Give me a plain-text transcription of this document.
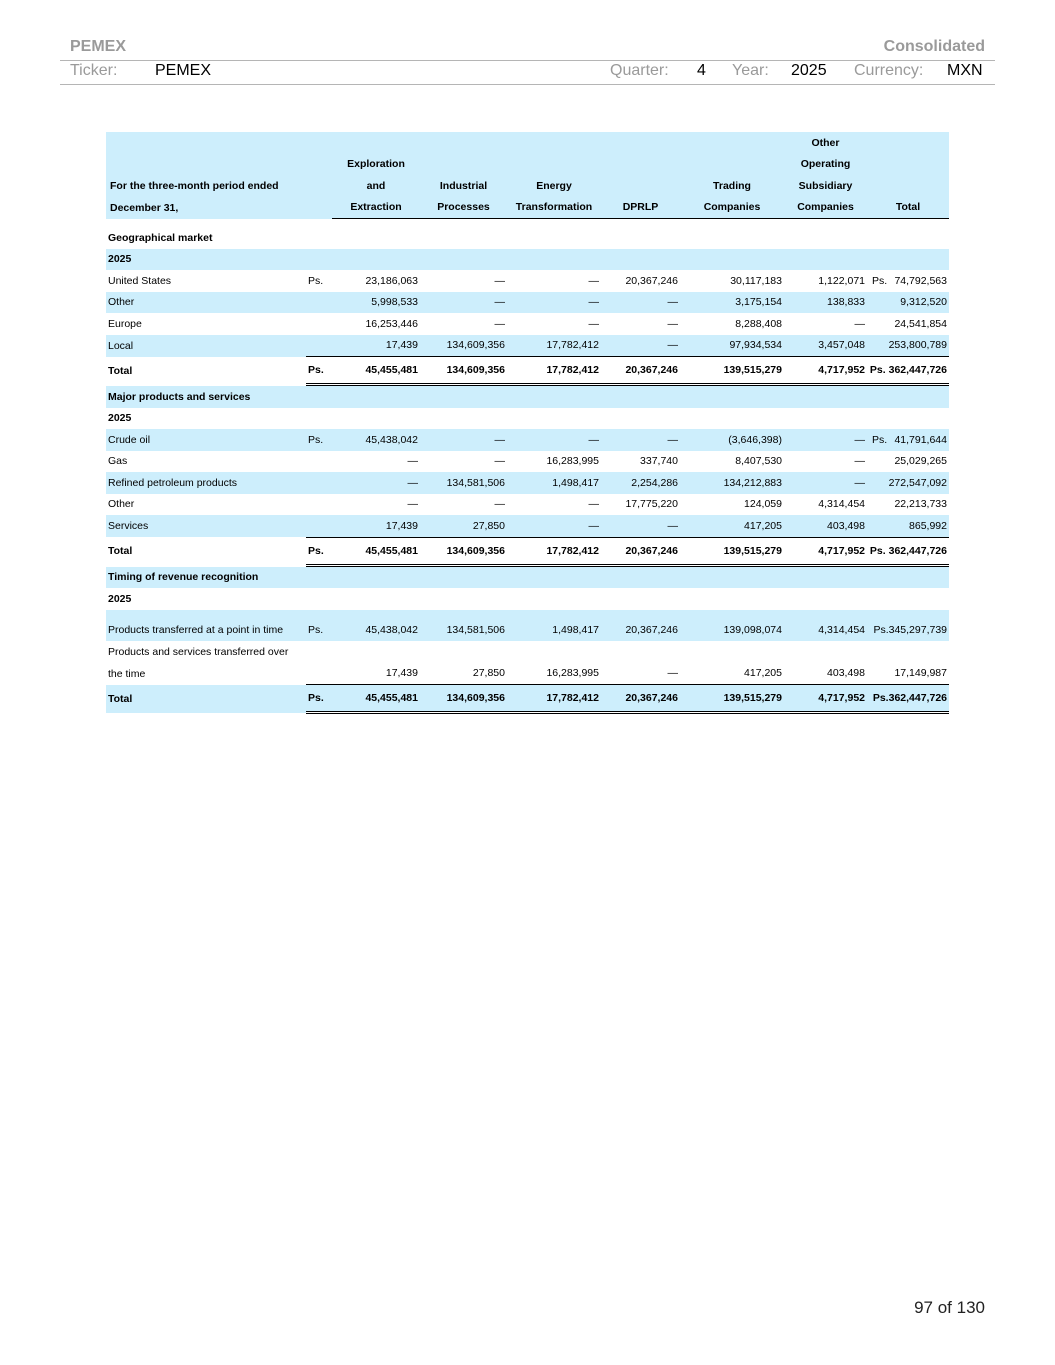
PEMEX	Consolidated
Ticker: PEMEX	Quarter: 4 Year: 2025 Currency: MXN
							Other	
		Exploration					Operating	
For the three-month period ended		and	Industrial	Energy		Trading	Subsidiary	
December 31,		Extraction	Processes	Transformation	DPRLP	Companies	Companies	Total

Geographical market								
2025								
United States	Ps.	23,186,063	—	—	20,367,246	30,117,183	1,122,071	Ps. 74,792,563
Other		5,998,533	—	—	—	3,175,154	138,833	9,312,520
Europe		16,253,446	—	—	—	8,288,408	—	24,541,854
Local		17,439	134,609,356	17,782,412	—	97,934,534	3,457,048	253,800,789
Total	Ps.	45,455,481	134,609,356	17,782,412	20,367,246	139,515,279	4,717,952	Ps. 362,447,726
Major products and services								
2025								
Crude oil	Ps.	45,438,042	—	—	—	(3,646,398)	—	Ps. 41,791,644
Gas		—	—	16,283,995	337,740	8,407,530	—	25,029,265
Refined petroleum products		—	134,581,506	1,498,417	2,254,286	134,212,883	—	272,547,092
Other		—	—	—	17,775,220	124,059	4,314,454	22,213,733
Services		17,439	27,850	—	—	417,205	403,498	865,992
Total	Ps.	45,455,481	134,609,356	17,782,412	20,367,246	139,515,279	4,717,952	Ps. 362,447,726
Timing of revenue recognition								
2025								

Products transferred at a point in time	Ps.	45,438,042	134,581,506	1,498,417	20,367,246	139,098,074	4,314,454	Ps.345,297,739
Products and services transferred over								
the time		17,439	27,850	16,283,995	—	417,205	403,498	17,149,987
Total	Ps.	45,455,481	134,609,356	17,782,412	20,367,246	139,515,279	4,717,952	Ps.362,447,726
97 of 130
